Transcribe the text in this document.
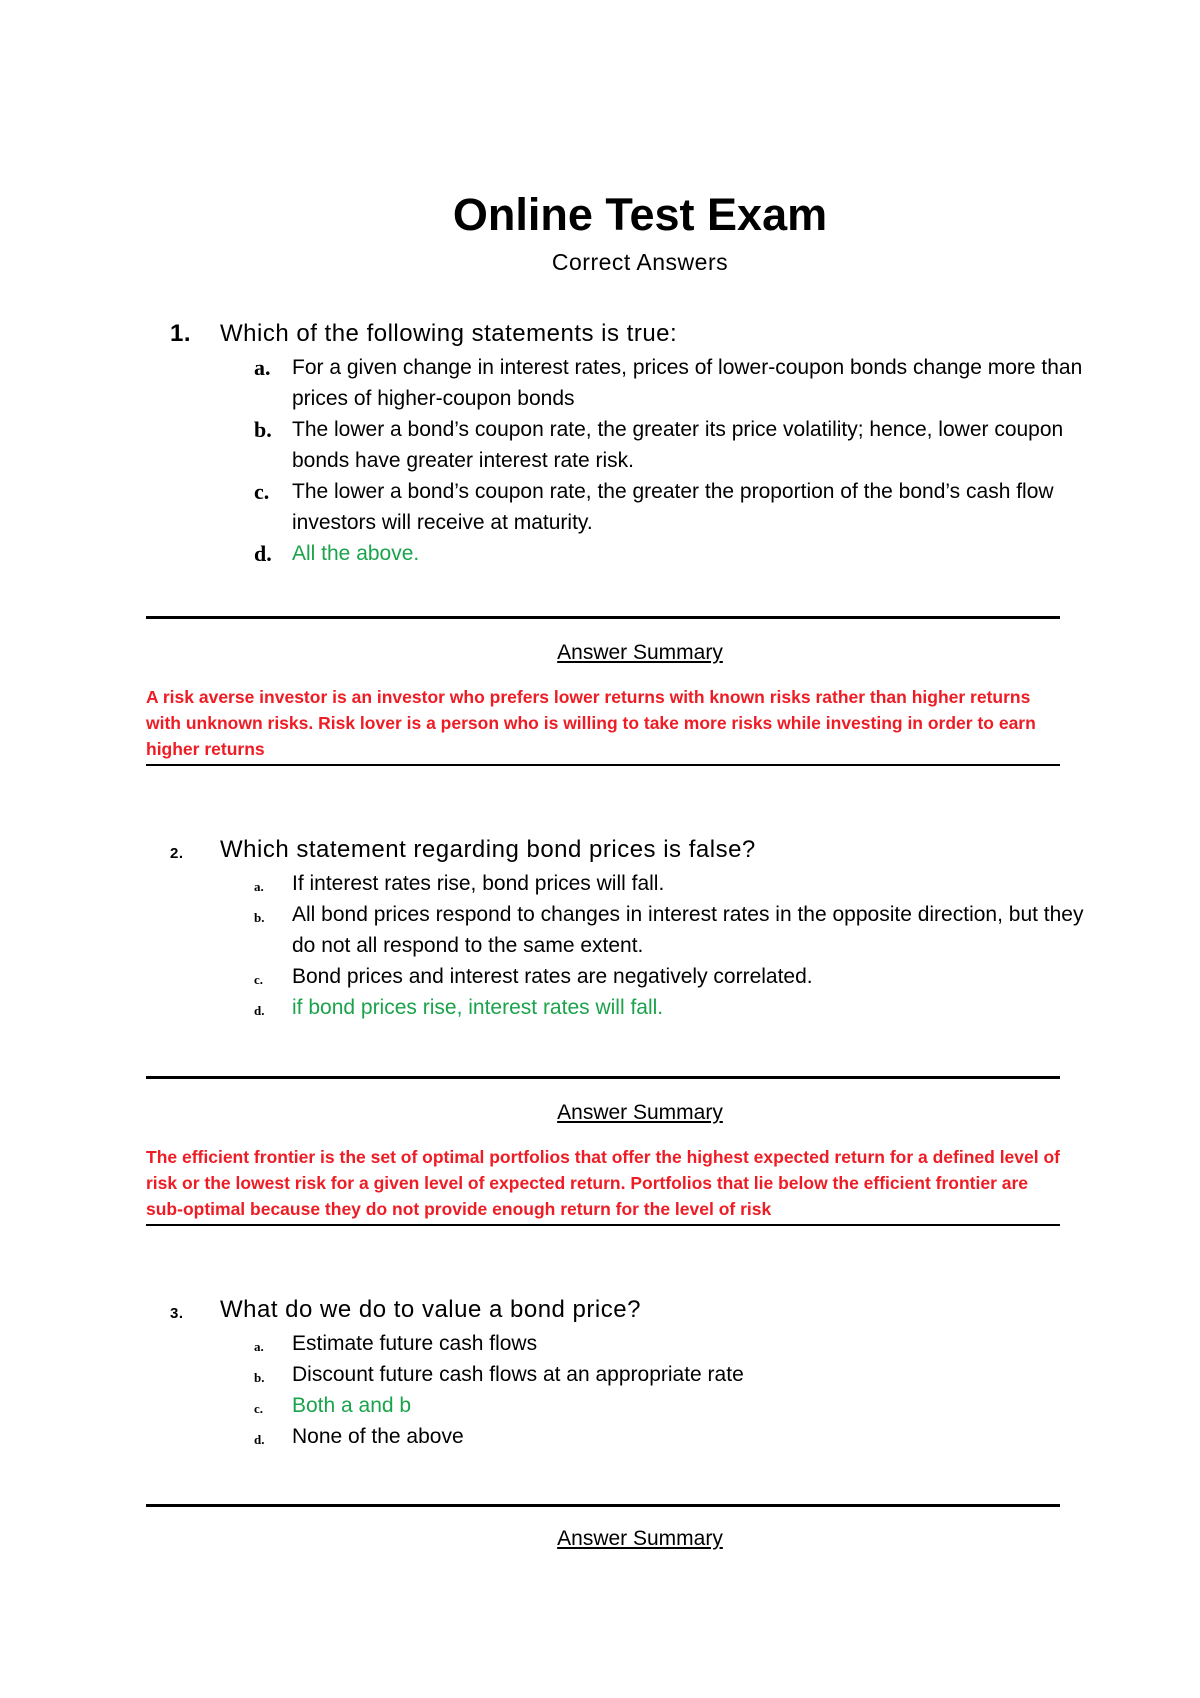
Online Test Exam
Correct Answers
1. Which of the following statements is true:
a. For a given change in interest rates, prices of lower-coupon bonds change more than prices of higher-coupon bonds
b. The lower a bond’s coupon rate, the greater its price volatility; hence, lower coupon bonds have greater interest rate risk.
c. The lower a bond’s coupon rate, the greater the proportion of the bond’s cash flow investors will receive at maturity.
d. All the above.
Answer Summary
A risk averse investor is an investor who prefers lower returns with known risks rather than higher returns with unknown risks. Risk lover is a person who is willing to take more risks while investing in order to earn higher returns
2. Which statement regarding bond prices is false?
a. If interest rates rise, bond prices will fall.
b. All bond prices respond to changes in interest rates in the opposite direction, but they do not all respond to the same extent.
c. Bond prices and interest rates are negatively correlated.
d. if bond prices rise, interest rates will fall.
Answer Summary
The efficient frontier is the set of optimal portfolios that offer the highest expected return for a defined level of risk or the lowest risk for a given level of expected return. Portfolios that lie below the efficient frontier are sub-optimal because they do not provide enough return for the level of risk
3. What do we do to value a bond price?
a. Estimate future cash flows
b. Discount future cash flows at an appropriate rate
c. Both a and b
d. None of the above
Answer Summary
